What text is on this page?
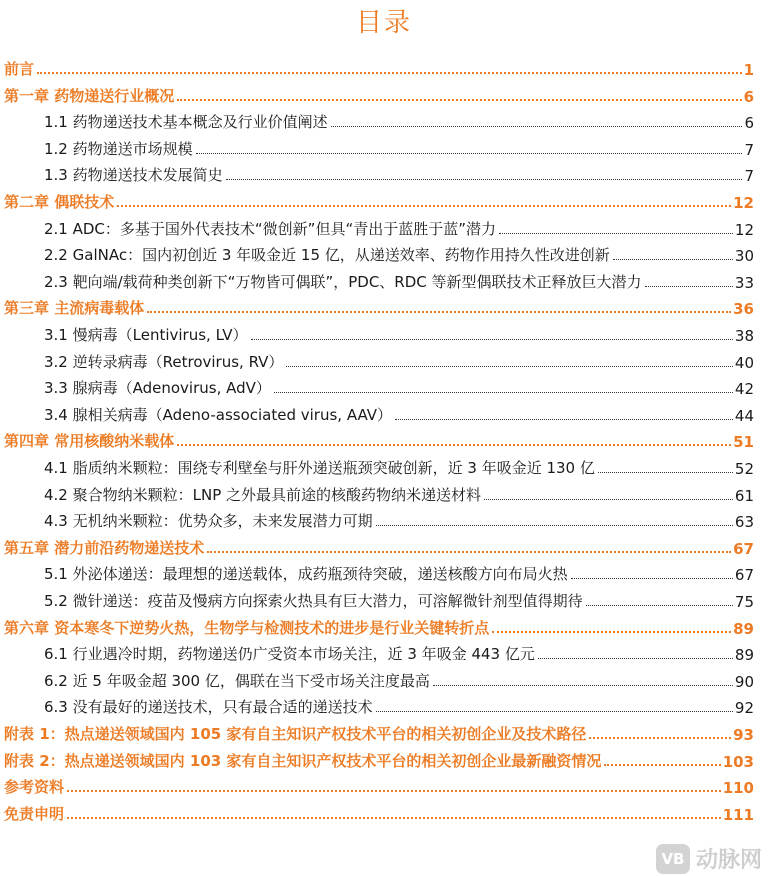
目录
前言	1
第一章 药物递送行业概况	6
1.1 药物递送技术基本概念及行业价值阐述	6
1.2 药物递送市场规模	7
1.3 药物递送技术发展简史	7
第二章 偶联技术	12
2.1 ADC：多基于国外代表技术“微创新”但具“青出于蓝胜于蓝”潜力	12
2.2 GalNAc：国内初创近 3 年吸金近 15 亿，从递送效率、药物作用持久性改进创新	30
2.3 靶向端/载荷种类创新下“万物皆可偶联”，PDC、RDC 等新型偶联技术正释放巨大潜力	33
第三章 主流病毒载体	36
3.1 慢病毒（Lentivirus, LV）	38
3.2 逆转录病毒（Retrovirus, RV）	40
3.3 腺病毒（Adenovirus, AdV）	42
3.4 腺相关病毒（Adeno-associated virus, AAV）	44
第四章 常用核酸纳米载体	51
4.1 脂质纳米颗粒：围绕专利壁垒与肝外递送瓶颈突破创新，近 3 年吸金近 130 亿	52
4.2 聚合物纳米颗粒：LNP 之外最具前途的核酸药物纳米递送材料	61
4.3 无机纳米颗粒：优势众多，未来发展潜力可期	63
第五章 潜力前沿药物递送技术	67
5.1 外泌体递送：最理想的递送载体，成药瓶颈待突破，递送核酸方向布局火热	67
5.2 微针递送：疫苗及慢病方向探索火热具有巨大潜力，可溶解微针剂型值得期待	75
第六章 资本寒冬下逆势火热，生物学与检测技术的进步是行业关键转折点	89
6.1 行业遇冷时期，药物递送仍广受资本市场关注，近 3 年吸金 443 亿元	89
6.2 近 5 年吸金超 300 亿，偶联在当下受市场关注度最高	90
6.3 没有最好的递送技术，只有最合适的递送技术	92
附表 1：热点递送领域国内 105 家有自主知识产权技术平台的相关初创企业及技术路径	93
附表 2：热点递送领域国内 103 家有自主知识产权技术平台的相关初创企业最新融资情况	103
参考资料	110
免责申明	111
VB 动脉网
